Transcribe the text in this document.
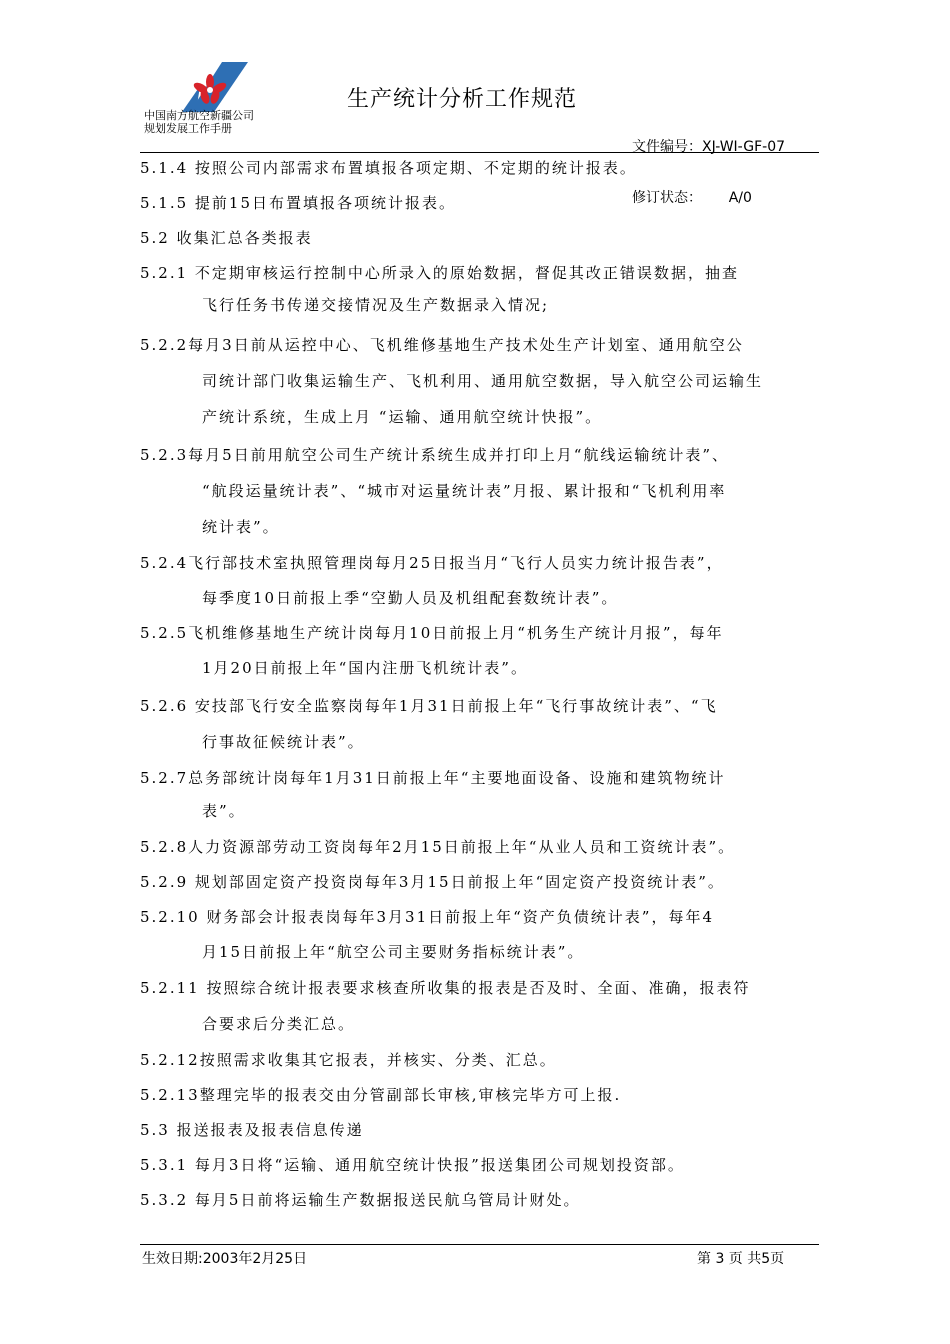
中国南方航空新疆公司
规划发展工作手册
生产统计分析工作规范

文件编号：XJ-WI-GF-07

修订状态：      A/0

5.1.4 按照公司内部需求布置填报各项定期、不定期的统计报表。
5.1.5 提前15日布置填报各项统计报表。
5.2 收集汇总各类报表
5.2.1 不定期审核运行控制中心所录入的原始数据，督促其改正错误数据，抽查
飞行任务书传递交接情况及生产数据录入情况;
5.2.2每月3日前从运控中心、飞机维修基地生产技术处生产计划室、通用航空公
司统计部门收集运输生产、飞机利用、通用航空数据，导入航空公司运输生
产统计系统，生成上月 “运输、通用航空统计快报”。
5.2.3每月5日前用航空公司生产统计系统生成并打印上月“航线运输统计表”、
“航段运量统计表”、“城市对运量统计表”月报、累计报和“飞机利用率
统计表”。
5.2.4飞行部技术室执照管理岗每月25日报当月“飞行人员实力统计报告表”，
每季度10日前报上季“空勤人员及机组配套数统计表”。
5.2.5飞机维修基地生产统计岗每月10日前报上月“机务生产统计月报”，每年
1月20日前报上年“国内注册飞机统计表”。
5.2.6 安技部飞行安全监察岗每年1月31日前报上年“飞行事故统计表”、“飞
行事故征候统计表”。
5.2.7总务部统计岗每年1月31日前报上年“主要地面设备、设施和建筑物统计
表”。
5.2.8人力资源部劳动工资岗每年2月15日前报上年“从业人员和工资统计表”。
5.2.9 规划部固定资产投资岗每年3月15日前报上年“固定资产投资统计表”。
5.2.10 财务部会计报表岗每年3月31日前报上年“资产负债统计表”，每年4
月15日前报上年“航空公司主要财务指标统计表”。
5.2.11 按照综合统计报表要求核查所收集的报表是否及时、全面、准确，报表符
合要求后分类汇总。
5.2.12按照需求收集其它报表，并核实、分类、汇总。
5.2.13整理完毕的报表交由分管副部长审核,审核完毕方可上报.
5.3 报送报表及报表信息传递
5.3.1 每月3日将“运输、通用航空统计快报”报送集团公司规划投资部。
5.3.2 每月5日前将运输生产数据报送民航乌管局计财处。
生效日期:2003年2月25日	第 3 页 共5页
